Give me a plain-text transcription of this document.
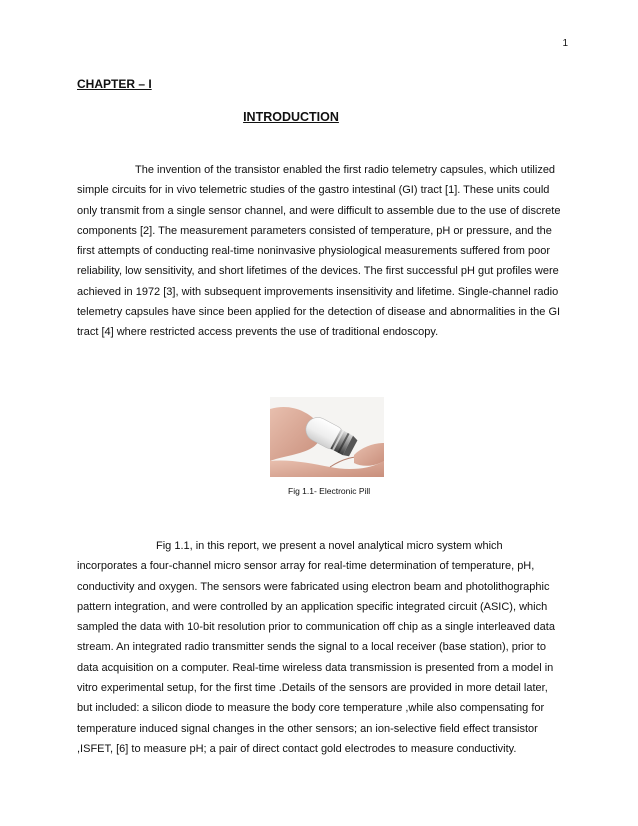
1
CHAPTER – I
INTRODUCTION

The invention of the transistor enabled the first radio telemetry capsules, which utilized simple circuits for in vivo telemetric studies of the gastro intestinal (GI) tract [1]. These units could only transmit from a single sensor channel, and were difficult to assemble due to the use of discrete components [2]. The measurement parameters consisted of temperature, pH or pressure, and the first attempts of conducting real-time noninvasive physiological measurements suffered from poor reliability, low sensitivity, and short lifetimes of the devices. The first successful pH gut profiles were achieved in 1972 [3], with subsequent improvements insensitivity and lifetime. Single-channel radio telemetry capsules have since been applied for the detection of disease and abnormalities in the GI tract [4] where restricted access prevents the use of traditional endoscopy.

Fig 1.1- Electronic Pill

Fig 1.1, in this report, we present a novel analytical micro system which incorporates a four-channel micro sensor array for real-time determination of temperature, pH, conductivity and oxygen. The sensors were fabricated using electron beam and photolithographic pattern integration, and were controlled by an application specific integrated circuit (ASIC), which sampled the data with 10-bit resolution prior to communication off chip as a single interleaved data stream. An integrated radio transmitter sends the signal to a local receiver (base station), prior to data acquisition on a computer. Real-time wireless data transmission is presented from a model in vitro experimental setup, for the first time .Details of the sensors are provided in more detail later, but included: a silicon diode to measure the body core temperature ,while also compensating for temperature induced signal changes in the other sensors; an ion-selective field effect transistor ,ISFET, [6] to measure pH; a pair of direct contact gold electrodes to measure conductivity.
